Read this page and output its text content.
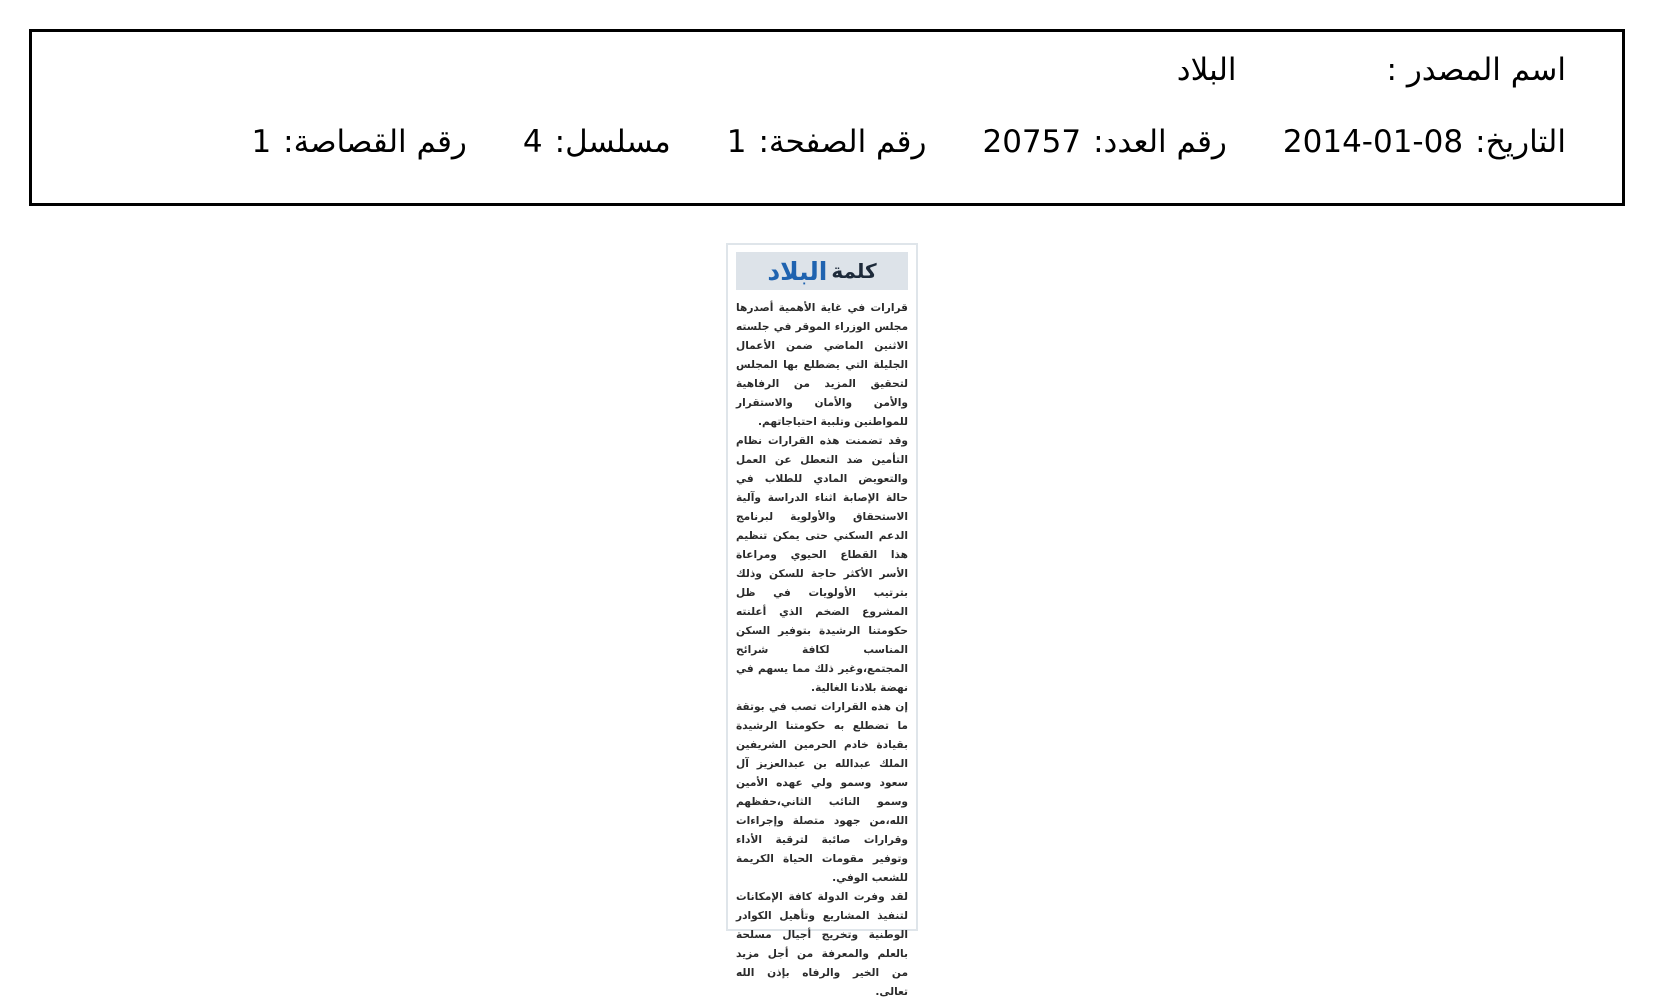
اسم المصدر :
البلاد
التاريخ:
2014-01-08
رقم العدد:
20757
رقم الصفحة:
1
مسلسل:
4
رقم القصاصة:
1
كلمة
البلاد

قرارات في غاية الأهمية أصدرها مجلس الوزراء الموقر في جلسته الاثنين الماضي ضمن الأعمال الجليلة التي يضطلع بها المجلس لتحقيق المزيد من الرفاهية والأمن والأمان والاستقرار للمواطنين وتلبية احتياجاتهم.

وقد تضمنت هذه القرارات نظام التأمين ضد التعطل عن العمل والتعويض المادي للطلاب في حالة الإصابة اثناء الدراسة وآلية الاستحقاق والأولوية لبرنامج الدعم السكني حتى يمكن تنظيم هذا القطاع الحيوي ومراعاة الأسر الأكثر حاجة للسكن وذلك بترتيب الأولويات في ظل المشروع الضخم الذي أعلنته حكومتنا الرشيدة بتوفير السكن المناسب لكافة شرائح المجتمع،وغير ذلك مما يسهم في نهضة بلادنا الغالية.

إن هذه القرارات تصب في بوتقة ما تضطلع به حكومتنا الرشيدة بقيادة خادم الحرمين الشريفين الملك عبدالله بن عبدالعزيز آل سعود وسمو ولي عهده الأمين وسمو النائب الثاني،حفظهم الله،من جهود متصلة وإجراءات وقرارات صائبة لترقية الأداء وتوفير مقومات الحياة الكريمة للشعب الوفي.

لقد وفرت الدولة كافة الإمكانات لتنفيذ المشاريع وتأهيل الكوادر الوطنية وتخريج أجيال مسلحة بالعلم والمعرفة من أجل مزيد من الخير والرفاه بإذن الله تعالى.
